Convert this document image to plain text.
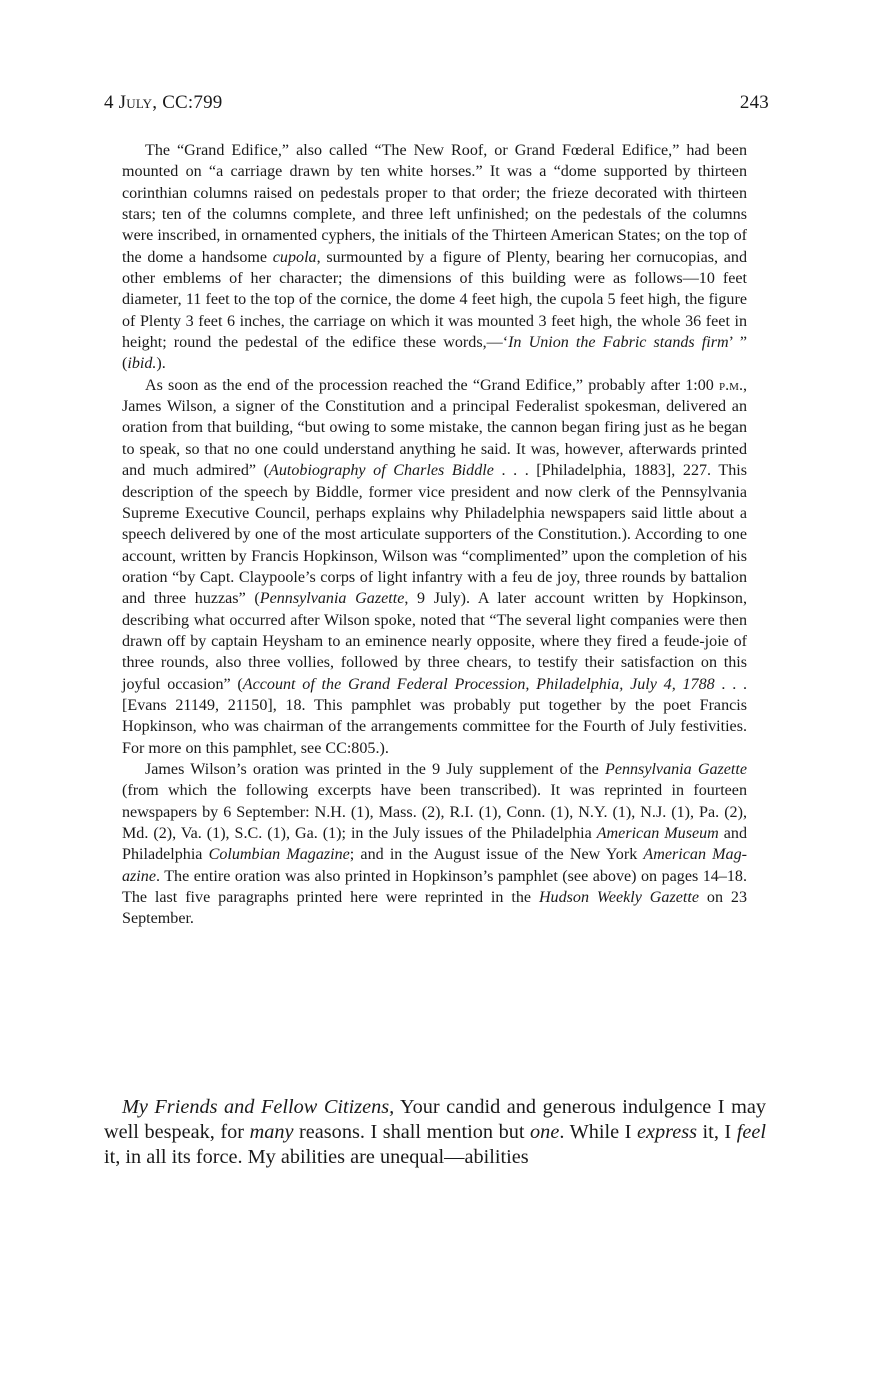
4 July, CC:799	243

The “Grand Edifice,” also called “The New Roof, or Grand Fœderal Edifice,” had been mounted on “a carriage drawn by ten white horses.” It was a “dome supported by thirteen corinthian columns raised on pedestals proper to that order; the frieze decorated with thirteen stars; ten of the columns complete, and three left unfinished; on the pedestals of the columns were inscribed, in ornamented cyphers, the initials of the Thirteen American States; on the top of the dome a handsome cupola, surmounted by a figure of Plenty, bearing her cornucopias, and other emblems of her character; the dimensions of this building were as follows—10 feet diameter, 11 feet to the top of the cornice, the dome 4 feet high, the cupola 5 feet high, the figure of Plenty 3 feet 6 inches, the carriage on which it was mounted 3 feet high, the whole 36 feet in height; round the pedestal of the edifice these words,—‘In Union the Fabric stands firm’ ” (ibid.).

As soon as the end of the procession reached the “Grand Edifice,” probably after 1:00 p.m., James Wilson, a signer of the Constitution and a principal Federalist spokesman, delivered an oration from that building, “but owing to some mistake, the cannon began firing just as he began to speak, so that no one could understand anything he said. It was, however, afterwards printed and much admired” (Autobiography of Charles Biddle . . . [Philadelphia, 1883], 227. This description of the speech by Biddle, former vice president and now clerk of the Pennsylvania Supreme Executive Council, perhaps explains why Philadelphia newspapers said little about a speech delivered by one of the most articulate supporters of the Constitution.). According to one account, written by Francis Hopkinson, Wilson was “complimented” upon the completion of his oration “by Capt. Claypoole’s corps of light infantry with a feu de joy, three rounds by battalion and three huzzas” (Pennsylvania Gazette, 9 July). A later account written by Hopkinson, describing what occurred after Wilson spoke, noted that “The several light companies were then drawn off by captain Heysham to an eminence nearly opposite, where they fired a feude-joie of three rounds, also three vollies, followed by three chears, to testify their satisfaction on this joyful occasion” (Account of the Grand Federal Procession, Philadelphia, July 4, 1788 . . . [Evans 21149, 21150], 18. This pamphlet was probably put together by the poet Francis Hopkinson, who was chairman of the arrangements committee for the Fourth of July festivities. For more on this pamphlet, see CC:805.).

James Wilson’s oration was printed in the 9 July supplement of the Pennsylvania Gazette (from which the following excerpts have been transcribed). It was reprinted in fourteen newspapers by 6 September: N.H. (1), Mass. (2), R.I. (1), Conn. (1), N.Y. (1), N.J. (1), Pa. (2), Md. (2), Va. (1), S.C. (1), Ga. (1); in the July issues of the Philadelphia American Museum and Philadelphia Columbian Magazine; and in the August issue of the New York American Magazine. The entire oration was also printed in Hopkinson’s pamphlet (see above) on pages 14–18. The last five paragraphs printed here were reprinted in the Hudson Weekly Gazette on 23 September.

My Friends and Fellow Citizens, Your candid and generous indulgence I may well bespeak, for many reasons. I shall mention but one. While I express it, I feel it, in all its force. My abilities are unequal—abilities
